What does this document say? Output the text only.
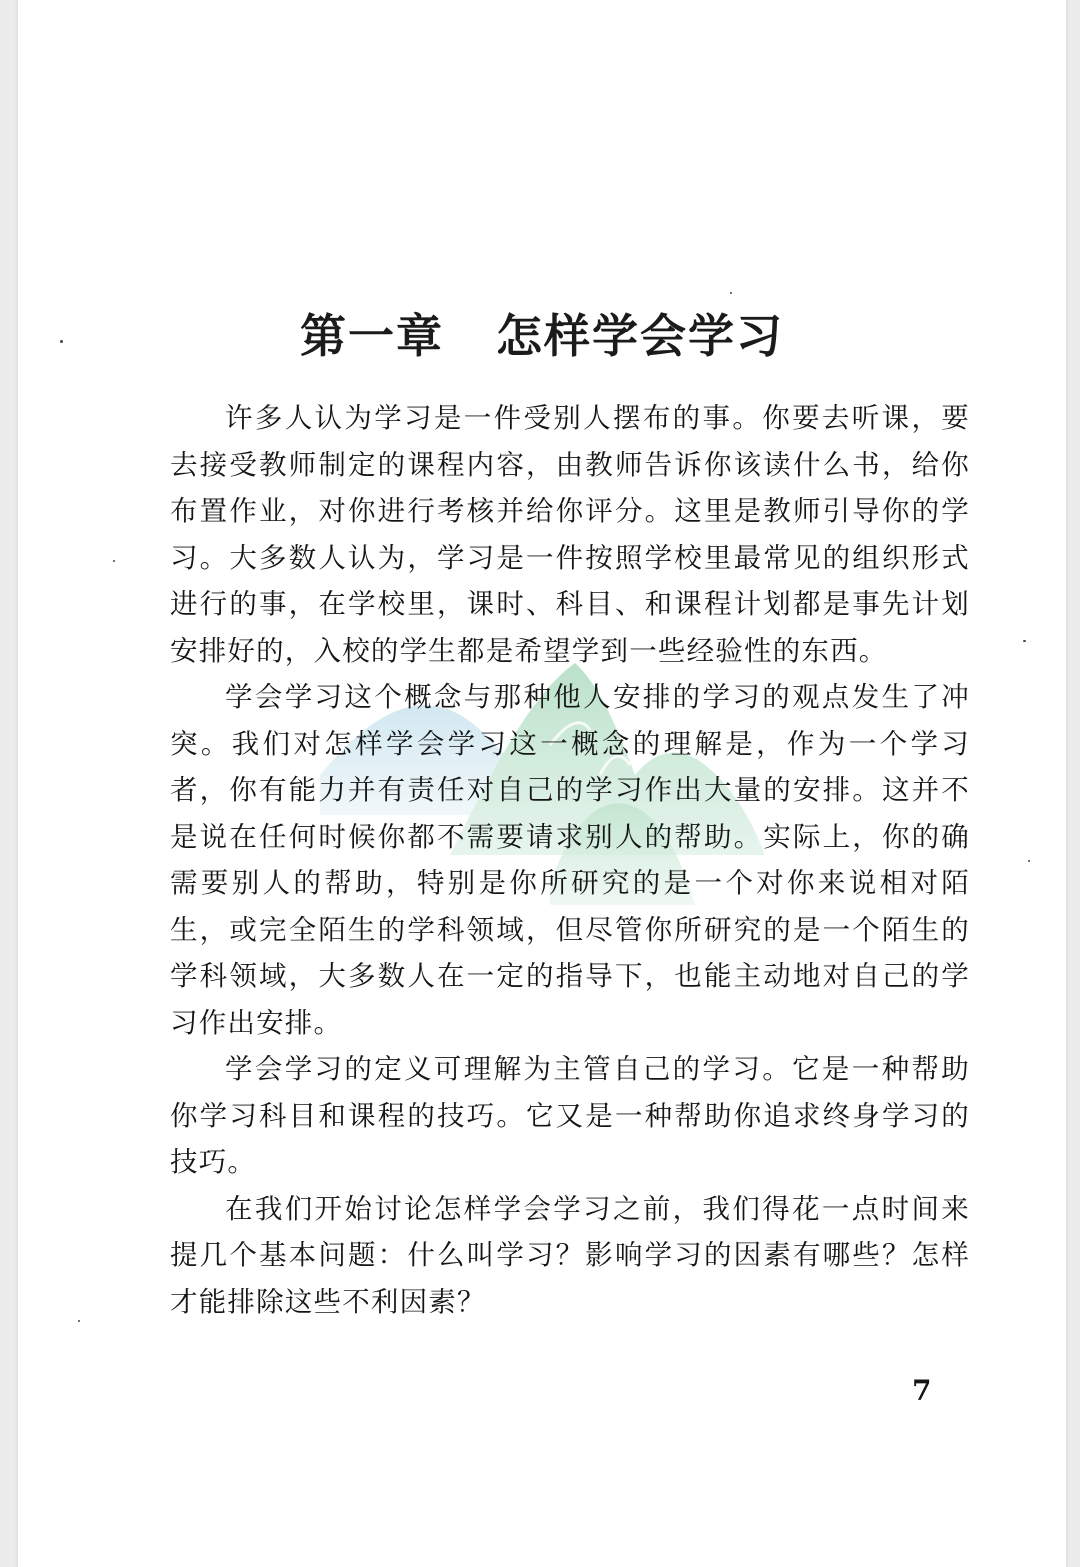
第一章 怎样学会学习

许多人认为学习是一件受别人摆布的事。你要去听课，要去接受教师制定的课程内容，由教师告诉你该读什么书，给你布置作业，对你进行考核并给你评分。这里是教师引导你的学习。大多数人认为，学习是一件按照学校里最常见的组织形式进行的事，在学校里，课时、科目、和课程计划都是事先计划安排好的，入校的学生都是希望学到一些经验性的东西。

学会学习这个概念与那种他人安排的学习的观点发生了冲突。我们对怎样学会学习这一概念的理解是，作为一个学习者，你有能力并有责任对自己的学习作出大量的安排。这并不是说在任何时候你都不需要请求别人的帮助。实际上，你的确需要别人的帮助，特别是你所研究的是一个对你来说相对陌生，或完全陌生的学科领域，但尽管你所研究的是一个陌生的学科领域，大多数人在一定的指导下，也能主动地对自己的学习作出安排。

学会学习的定义可理解为主管自己的学习。它是一种帮助你学习科目和课程的技巧。它又是一种帮助你追求终身学习的技巧。

在我们开始讨论怎样学会学习之前，我们得花一点时间来提几个基本问题：什么叫学习？影响学习的因素有哪些？怎样才能排除这些不利因素？

7
